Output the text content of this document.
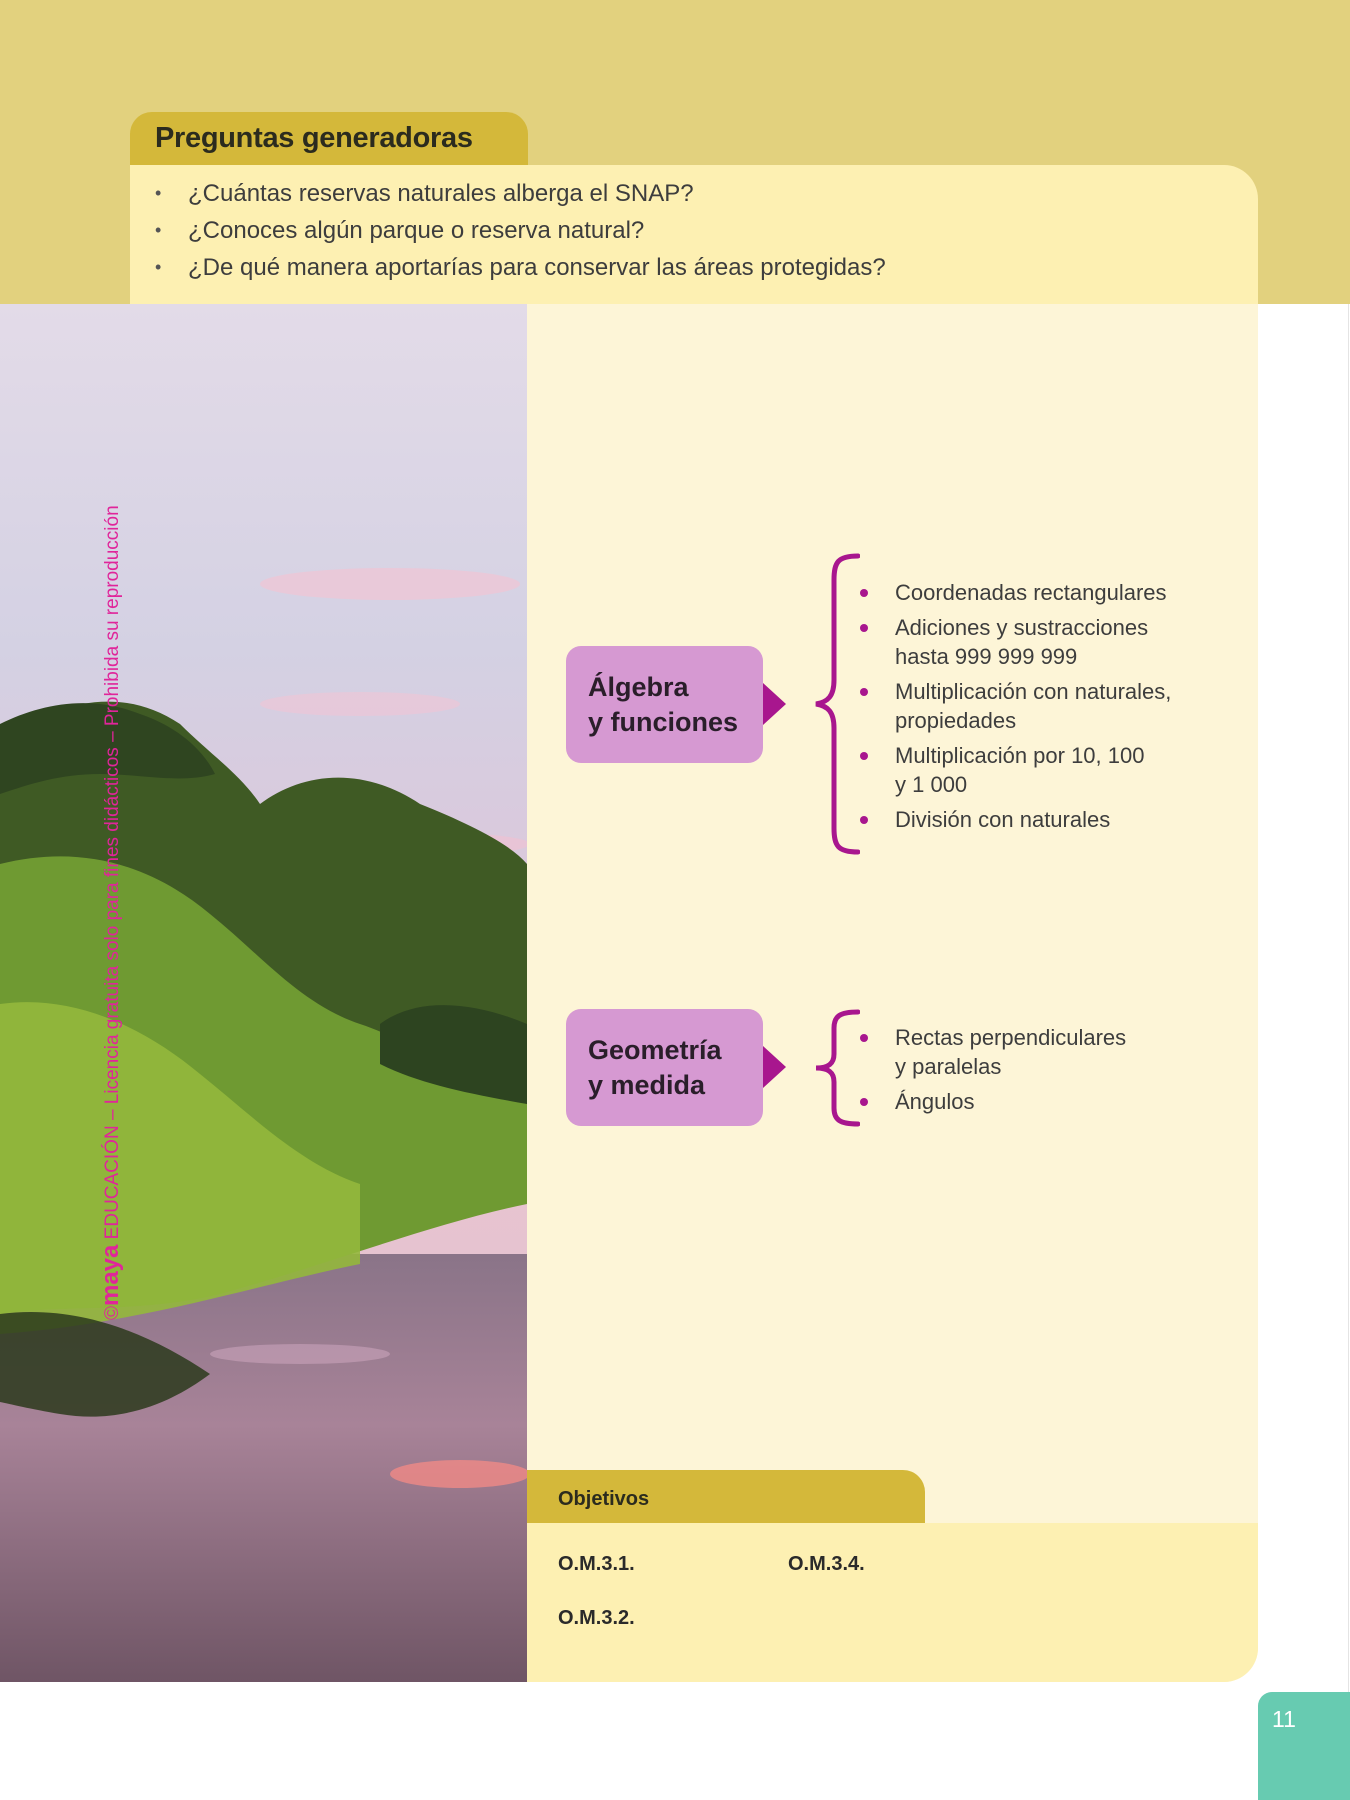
Preguntas generadoras
• ¿Cuántas reservas naturales alberga el SNAP?
• ¿Conoces algún parque o reserva natural?
• ¿De qué manera aportarías para conservar las áreas protegidas?
©maya EDUCACIÓN – Licencia gratuita solo para fines didácticos – Prohibida su reproducción	Álgebra
y funciones
Coordenadas rectangulares
Adiciones y sustracciones
hasta 999 999 999
Multiplicación con naturales,
propiedades
Multiplicación por 10, 100
y 1 000
División con naturales
Geometría
y medida
Rectas perpendiculares
y paralelas
Ángulos
Objetivos
O.M.3.1.
O.M.3.2.
O.M.3.4.
11
